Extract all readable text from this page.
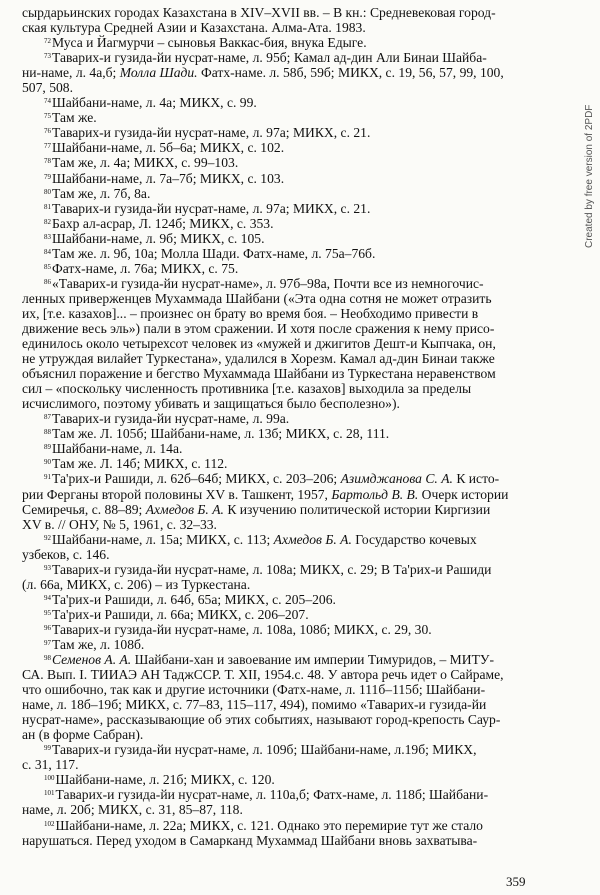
сырдарьинских городах Казахстана в XIV–XVII вв. – В кн.: Средневековая город-
ская культура Средней Азии и Казахстана. Алма-Ата. 1983.

$^{72}$Муса и Йагмурчи – сыновья Ваккас-бия, внука Едыге.

$^{73}$Таварих-и гузида-йи нусрат-наме, л. 95б; Камал ад-дин Али Бинаи Шайба-
ни-наме, л. 4а,б; Молла Шади. Фатх-наме. л. 58б, 59б; МИКХ, с. 19, 56, 57, 99, 100,
507, 508.

$^{74}$Шайбани-наме, л. 4а; МИКХ, с. 99.

$^{75}$Там же.

$^{76}$Таварих-и гузида-йи нусрат-наме, л. 97а; МИКХ, с. 21.

$^{77}$Шайбани-наме, л. 5б–6а; МИКХ, с. 102.

$^{78}$Там же, л. 4а; МИКХ, с. 99–103.

$^{79}$Шайбани-наме, л. 7а–7б; МИКХ, с. 103.

$^{80}$Там же, л. 7б, 8а.

$^{81}$Таварих-и гузида-йи нусрат-наме, л. 97а; МИКХ, с. 21.

$^{82}$Бахр ал-асрар, Л. 124б; МИКХ, с. 353.

$^{83}$Шайбани-наме, л. 9б; МИКХ, с. 105.

$^{84}$Там же. л. 9б, 10а; Молла Шади. Фатх-наме, л. 75а–76б.

$^{85}$Фатх-наме, л. 76а; МИКХ, с. 75.

$^{86}$«Таварих-и гузида-йи нусрат-наме», л. 97б–98а, Почти все из немногочис-
ленных приверженцев Мухаммада Шайбани («Эта одна сотня не может отразить
их, [т.е. казахов]... – произнес он брату во время боя. – Необходимо привести в
движение весь эль») пали в этом сражении. И хотя после сражения к нему присо-
единилось около четырехсот человек из «мужей и джигитов Дешт-и Кыпчака, он,
не утруждая вилайет Туркестана», удалился в Хорезм. Камал ад-дин Бинаи также
объяснил поражение и бегство Мухаммада Шайбани из Туркестана неравенством
сил – «поскольку численность противника [т.е. казахов] выходила за пределы
исчислимого, поэтому убивать и защищаться было бесполезно»).

$^{87}$Таварих-и гузида-йи нусрат-наме, л. 99а.

$^{88}$Там же. Л. 105б; Шайбани-наме, л. 13б; МИКХ, с. 28, 111.

$^{89}$Шайбани-наме, л. 14а.

$^{90}$Там же. Л. 14б; МИКХ, с. 112.

$^{91}$Та'рих-и Рашиди, л. 62б–64б; МИКХ, с. 203–206; Азимджанова С. А. К исто-
рии Ферганы второй половины XV в. Ташкент, 1957, Бартольд В. В. Очерк истории
Семиречья, с. 88–89; Ахмедов Б. А. К изучению политической истории Киргизии
XV в. // ОНУ, № 5, 1961, с. 32–33.

$^{92}$Шайбани-наме, л. 15а; МИКХ, с. 113; Ахмедов Б. А. Государство кочевых
узбеков, с. 146.

$^{93}$Таварих-и гузида-йи нусрат-наме, л. 108а; МИКХ, с. 29; В Та'рих-и Рашиди
(л. 66а, МИКХ, с. 206) – из Туркестана.

$^{94}$Та'рих-и Рашиди, л. 64б, 65а; МИКХ, с. 205–206.

$^{95}$Та'рих-и Рашиди, л. 66а; МИКХ, с. 206–207.

$^{96}$Таварих-и гузида-йи нусрат-наме, л. 108а, 108б; МИКХ, с. 29, 30.

$^{97}$Там же, л. 108б.

$^{98}$Семенов А. А. Шайбани-хан и завоевание им империи Тимуридов, – МИТУ-
СА. Вып. I. ТИИАЭ АН ТаджССР. Т. XII, 1954.с. 48. У автора речь идет о Сайраме,
что ошибочно, так как и другие источники (Фатх-наме, л. 111б–115б; Шайбани-
наме, л. 18б–19б; МИКХ, с. 77–83, 115–117, 494), помимо «Таварих-и гузида-йи
нусрат-наме», рассказывающие об этих событиях, называют город-крепость Саур-
ан (в форме Сабран).

$^{99}$Таварих-и гузида-йи нусрат-наме, л. 109б; Шайбани-наме, л.19б; МИКХ,
с. 31, 117.

$^{100}$Шайбани-наме, л. 21б; МИКХ, с. 120.

$^{101}$Таварих-и гузида-йи нусрат-наме, л. 110а,б; Фатх-наме, л. 118б; Шайбани-
наме, л. 20б; МИКХ, с. 31, 85–87, 118.

$^{102}$Шайбани-наме, л. 22а; МИКХ, с. 121. Однако это перемирие тут же стало
нарушаться. Перед уходом в Самарканд Мухаммад Шайбани вновь захватыва-

359
Created by free version of 2PDF
